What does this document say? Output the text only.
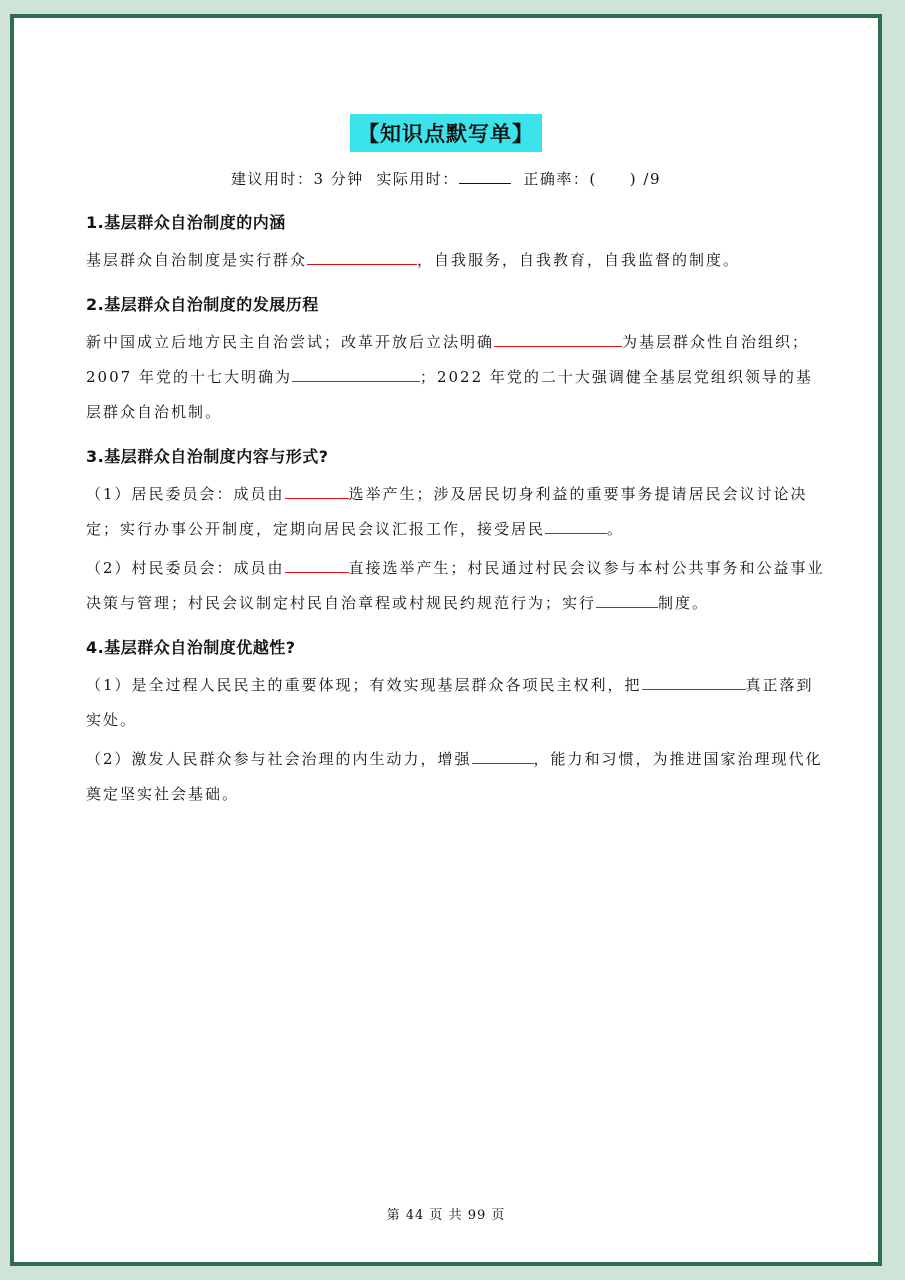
【知识点默写单】
建议用时：3 分钟 实际用时：	正确率：(　　) /9
1.基层群众自治制度的内涵
基层群众自治制度是实行群众	，自我服务，自我教育，自我监督的制度。
2.基层群众自治制度的发展历程
新中国成立后地方民主自治尝试；改革开放后立法明确	为基层群众性自治组织；2007 年党的十七大明确为	；2022 年党的二十大强调健全基层党组织领导的基层群众自治机制。
3.基层群众自治制度内容与形式?
（1）居民委员会：成员由	选举产生；涉及居民切身利益的重要事务提请居民会议讨论决定；实行办事公开制度，定期向居民会议汇报工作，接受居民	。
（2）村民委员会：成员由	直接选举产生；村民通过村民会议参与本村公共事务和公益事业决策与管理；村民会议制定村民自治章程或村规民约规范行为；实行	制度。
4.基层群众自治制度优越性?
（1）是全过程人民民主的重要体现；有效实现基层群众各项民主权利，把	真正落到实处。
（2）激发人民群众参与社会治理的内生动力，增强	，能力和习惯，为推进国家治理现代化奠定坚实社会基础。
第 44 页 共 99 页
